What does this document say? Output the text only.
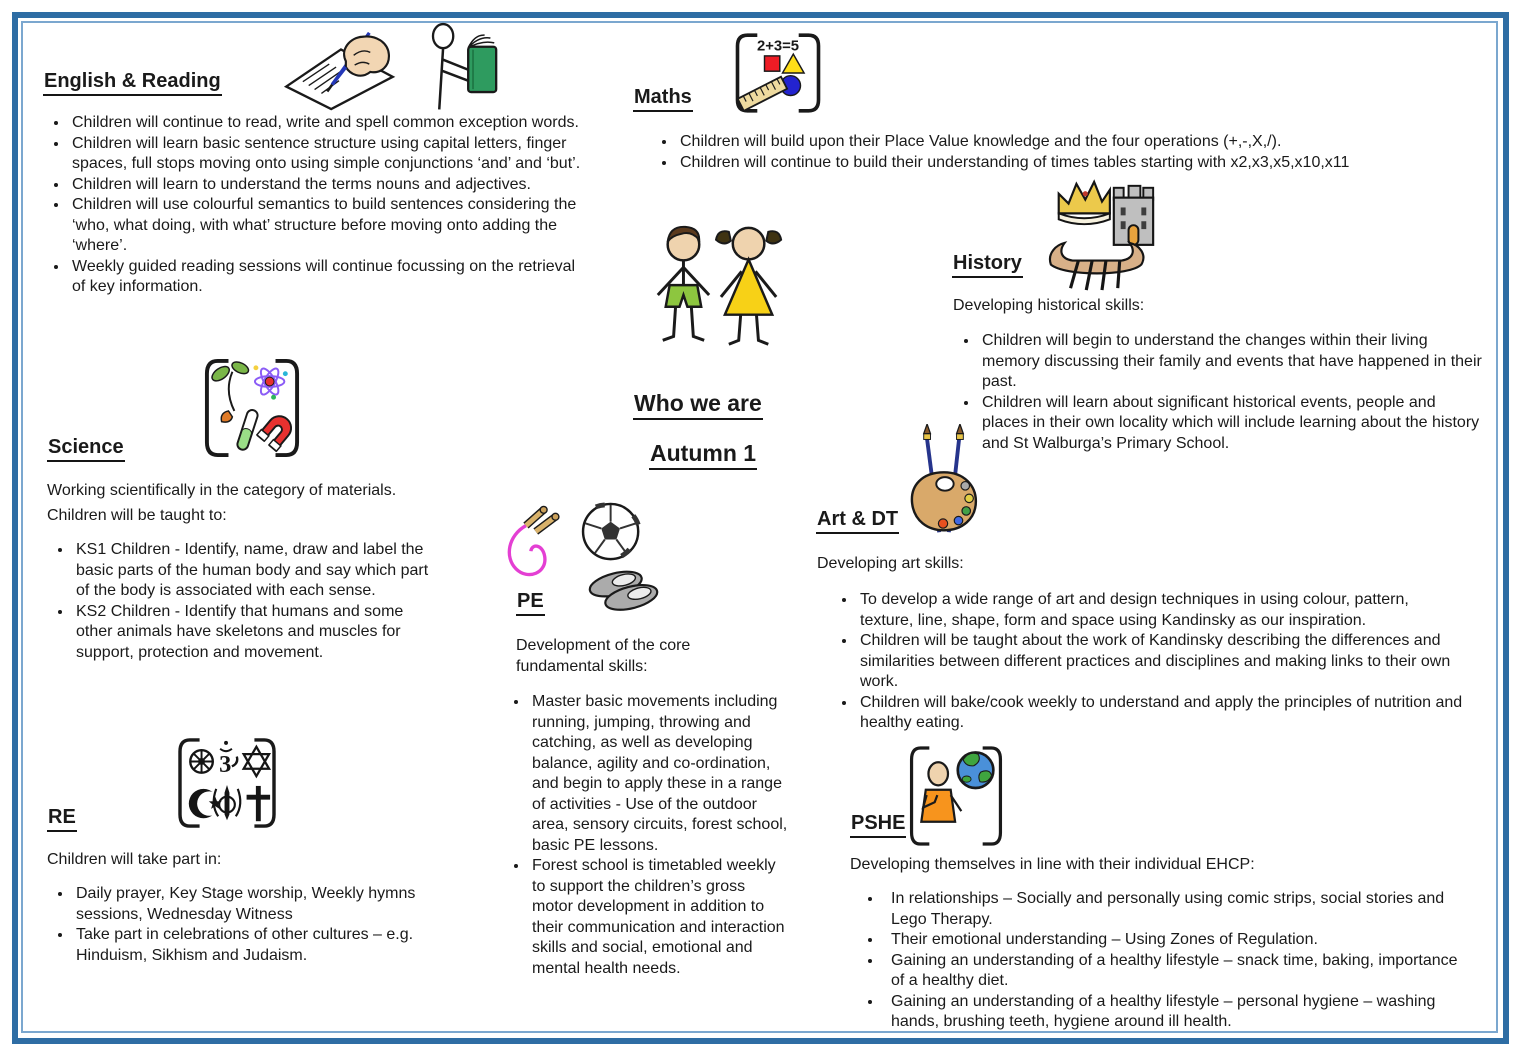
English & Reading
Maths
History
Science
Art & DT
PE
RE	PSHE
Who we are
Autumn 1
Developing historical skills:
Working scientifically in the category of materials.
Children will be taught to:
Developing art skills:
Development of the core fundamental skills:
Children will take part in:	Developing themselves in line with their individual EHCP:
• Children will continue to read, write and spell common exception words.
• Children will learn basic sentence structure using capital letters, finger spaces, full stops moving onto using simple conjunctions ‘and’ and ‘but’.
• Children will learn to understand the terms nouns and adjectives.
• Children will use colourful semantics to build sentences considering the ‘who, what doing, with what’ structure before moving onto adding the ‘where’.
• Weekly guided reading sessions will continue focussing on the retrieval of key information.
• Children will build upon their Place Value knowledge and the four operations (+,-,X,/).
• Children will continue to build their understanding of times tables starting with x2,x3,x5,x10,x11
• Children will begin to understand the changes within their living memory discussing their family and events that have happened in their past.
• Children will learn about significant historical events, people and places in their own locality which will include learning about the history and St Walburga’s Primary School.
• KS1 Children - Identify, name, draw and label the basic parts of the human body and say which part of the body is associated with each sense.
• KS2 Children - Identify that humans and some other animals have skeletons and muscles for support, protection and movement.
• To develop a wide range of art and design techniques in using colour, pattern, texture, line, shape, form and space using Kandinsky as our inspiration.
• Children will be taught about the work of Kandinsky describing the differences and similarities between different practices and disciplines and making links to their own work.
• Children will bake/cook weekly to understand and apply the principles of nutrition and healthy eating.
• Master basic movements including running, jumping, throwing and catching, as well as developing balance, agility and co-ordination, and begin to apply these in a range of activities - Use of the outdoor area, sensory circuits, forest school, basic PE lessons.
• Forest school is timetabled weekly to support the children’s gross motor development in addition to their communication and interaction skills and social, emotional and mental health needs.
• Daily prayer, Key Stage worship, Weekly hymns sessions, Wednesday Witness
• Take part in celebrations of other cultures – e.g. Hinduism, Sikhism and Judaism.
• In relationships – Socially and personally using comic strips, social stories and Lego Therapy.
• Their emotional understanding – Using Zones of Regulation.
• Gaining an understanding of a healthy lifestyle – snack time, baking, importance of a healthy diet.
• Gaining an understanding of a healthy lifestyle – personal hygiene – washing hands, brushing teeth, hygiene around ill health.
2+3=5
3
